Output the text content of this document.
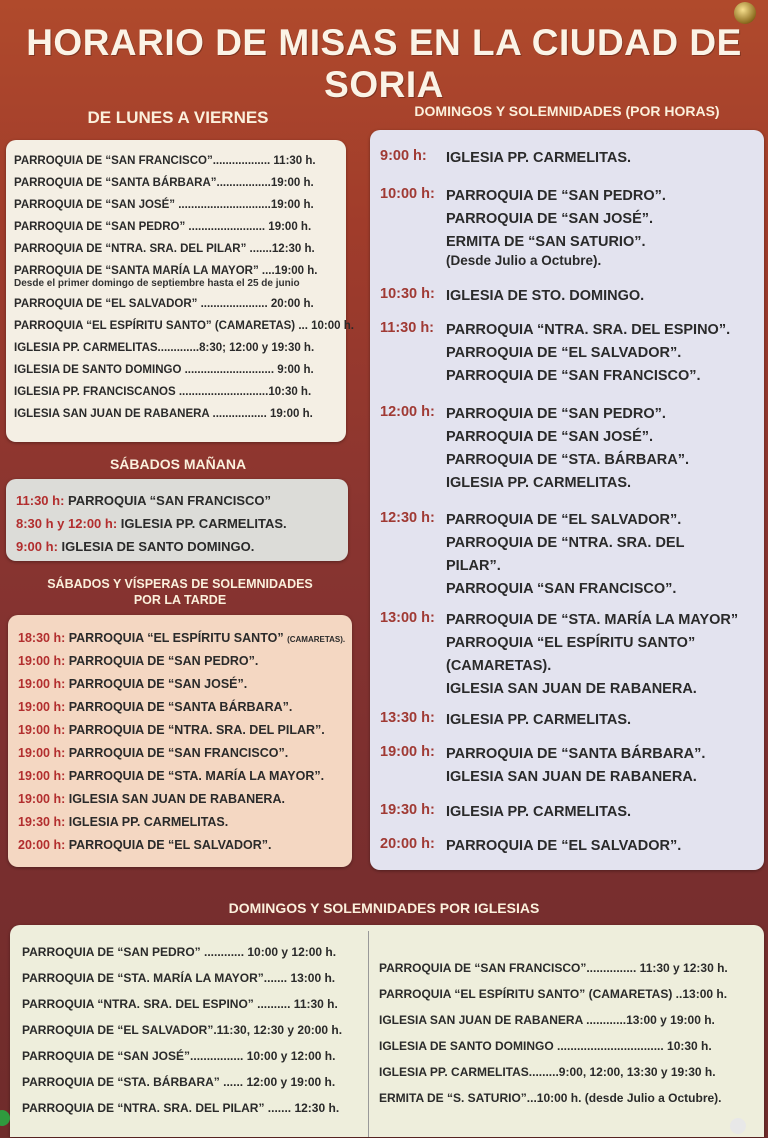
HORARIO DE MISAS EN LA CIUDAD DE SORIA
DE LUNES A VIERNES
PARROQUIA DE “SAN FRANCISCO”.................. 11:30 h.
PARROQUIA DE “SANTA BÁRBARA”.................19:00 h.
PARROQUIA DE “SAN JOSÉ” .............................19:00 h.
PARROQUIA DE “SAN PEDRO” ........................ 19:00 h.
PARROQUIA DE “NTRA. SRA. DEL PILAR” .......12:30 h.
PARROQUIA DE “SANTA MARÍA LA MAYOR” ....19:00 h.
Desde el primer domingo de septiembre hasta el 25 de junio
PARROQUIA DE “EL SALVADOR” ..................... 20:00 h.
PARROQUIA “EL ESPÍRITU SANTO” (CAMARETAS) ... 10:00 h.
IGLESIA PP. CARMELITAS.............8:30; 12:00 y 19:30 h.
IGLESIA DE SANTO DOMINGO ............................ 9:00 h.
IGLESIA PP. FRANCISCANOS ............................10:30 h.
IGLESIA SAN JUAN DE RABANERA ................. 19:00 h.
SÁBADOS MAÑANA
11:30 h: PARROQUIA “SAN FRANCISCO”
8:30 h y 12:00 h: IGLESIA PP. CARMELITAS.
9:00 h: IGLESIA DE SANTO DOMINGO.
SÁBADOS Y VÍSPERAS DE SOLEMNIDADES
POR LA TARDE
18:30 h: PARROQUIA “EL ESPÍRITU SANTO” (CAMARETAS).
19:00 h: PARROQUIA DE “SAN PEDRO”.
19:00 h: PARROQUIA DE “SAN JOSÉ”.
19:00 h: PARROQUIA DE “SANTA BÁRBARA”.
19:00 h: PARROQUIA DE “NTRA. SRA. DEL PILAR”.
19:00 h: PARROQUIA DE “SAN FRANCISCO”.
19:00 h: PARROQUIA DE “STA. MARÍA LA MAYOR”.
19:00 h: IGLESIA SAN JUAN DE RABANERA.
19:30 h: IGLESIA PP. CARMELITAS.
20:00 h: PARROQUIA DE “EL SALVADOR”.
DOMINGOS Y SOLEMNIDADES (POR HORAS)
9:00 h:	IGLESIA PP. CARMELITAS.
10:00 h: PARROQUIA DE “SAN PEDRO”.
PARROQUIA DE “SAN JOSÉ”.
ERMITA DE “SAN SATURIO”.
(Desde Julio a Octubre).
10:30 h: IGLESIA DE STO. DOMINGO.
11:30 h: PARROQUIA “NTRA. SRA. DEL ESPINO”.
PARROQUIA DE “EL SALVADOR”.
PARROQUIA DE “SAN FRANCISCO”.
12:00 h: PARROQUIA DE “SAN PEDRO”.
PARROQUIA DE “SAN JOSÉ”.
PARROQUIA DE “STA. BÁRBARA”.
IGLESIA PP. CARMELITAS.
12:30 h: PARROQUIA DE “EL SALVADOR”.
PARROQUIA DE “NTRA. SRA. DEL
PILAR”.
PARROQUIA “SAN FRANCISCO”.
13:00 h: PARROQUIA DE “STA. MARÍA LA MAYOR”
PARROQUIA “EL ESPÍRITU SANTO”
(CAMARETAS).
IGLESIA SAN JUAN DE RABANERA.
13:30 h: IGLESIA PP. CARMELITAS.
19:00 h: PARROQUIA DE “SANTA BÁRBARA”.
IGLESIA SAN JUAN DE RABANERA.
19:30 h: IGLESIA PP. CARMELITAS.
20:00 h: PARROQUIA DE “EL SALVADOR”.
DOMINGOS Y SOLEMNIDADES POR IGLESIAS
PARROQUIA DE “SAN PEDRO” ............ 10:00 y 12:00 h.
PARROQUIA DE “STA. MARÍA LA MAYOR”....... 13:00 h.
PARROQUIA “NTRA. SRA. DEL ESPINO” .......... 11:30 h.
PARROQUIA DE “EL SALVADOR”.11:30, 12:30 y 20:00 h.
PARROQUIA DE “SAN JOSÉ”................ 10:00 y 12:00 h.
PARROQUIA DE “STA. BÁRBARA” ...... 12:00 y 19:00 h.
PARROQUIA DE “NTRA. SRA. DEL PILAR” ....... 12:30 h.
PARROQUIA DE “SAN FRANCISCO”............... 11:30 y 12:30 h.
PARROQUIA “EL ESPÍRITU SANTO” (CAMARETAS) ..13:00 h.
IGLESIA SAN JUAN DE RABANERA ............13:00 y 19:00 h.
IGLESIA DE SANTO DOMINGO ................................ 10:30 h.
IGLESIA PP. CARMELITAS.........9:00, 12:00, 13:30 y 19:30 h.
ERMITA DE “S. SATURIO”...10:00 h. (desde Julio a Octubre).
